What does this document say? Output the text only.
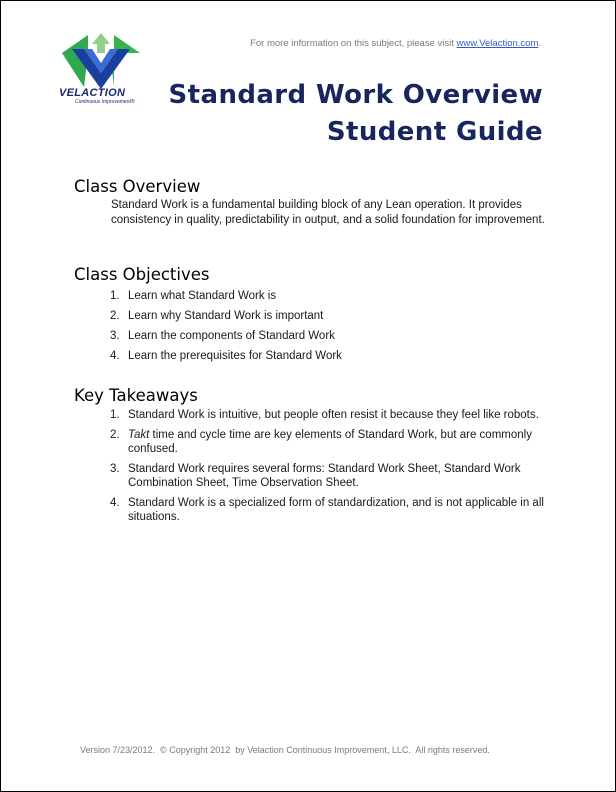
VELACTION
Continuous Improvement®
For more information on this subject, please visit www.Velaction.com.
Standard Work Overview
Student Guide
Class Overview
Standard Work is a fundamental building block of any Lean operation. It provides consistency in quality, predictability in output, and a solid foundation for improvement.
Class Objectives
1. Learn what Standard Work is
2. Learn why Standard Work is important
3. Learn the components of Standard Work
4. Learn the prerequisites for Standard Work
Key Takeaways
1. Standard Work is intuitive, but people often resist it because they feel like robots.
2. Takt time and cycle time are key elements of Standard Work, but are commonly confused.
3. Standard Work requires several forms: Standard Work Sheet, Standard Work Combination Sheet, Time Observation Sheet.
4. Standard Work is a specialized form of standardization, and is not applicable in all situations.
Version 7/23/2012.  © Copyright 2012  by Velaction Continuous Improvement, LLC.  All rights reserved.
